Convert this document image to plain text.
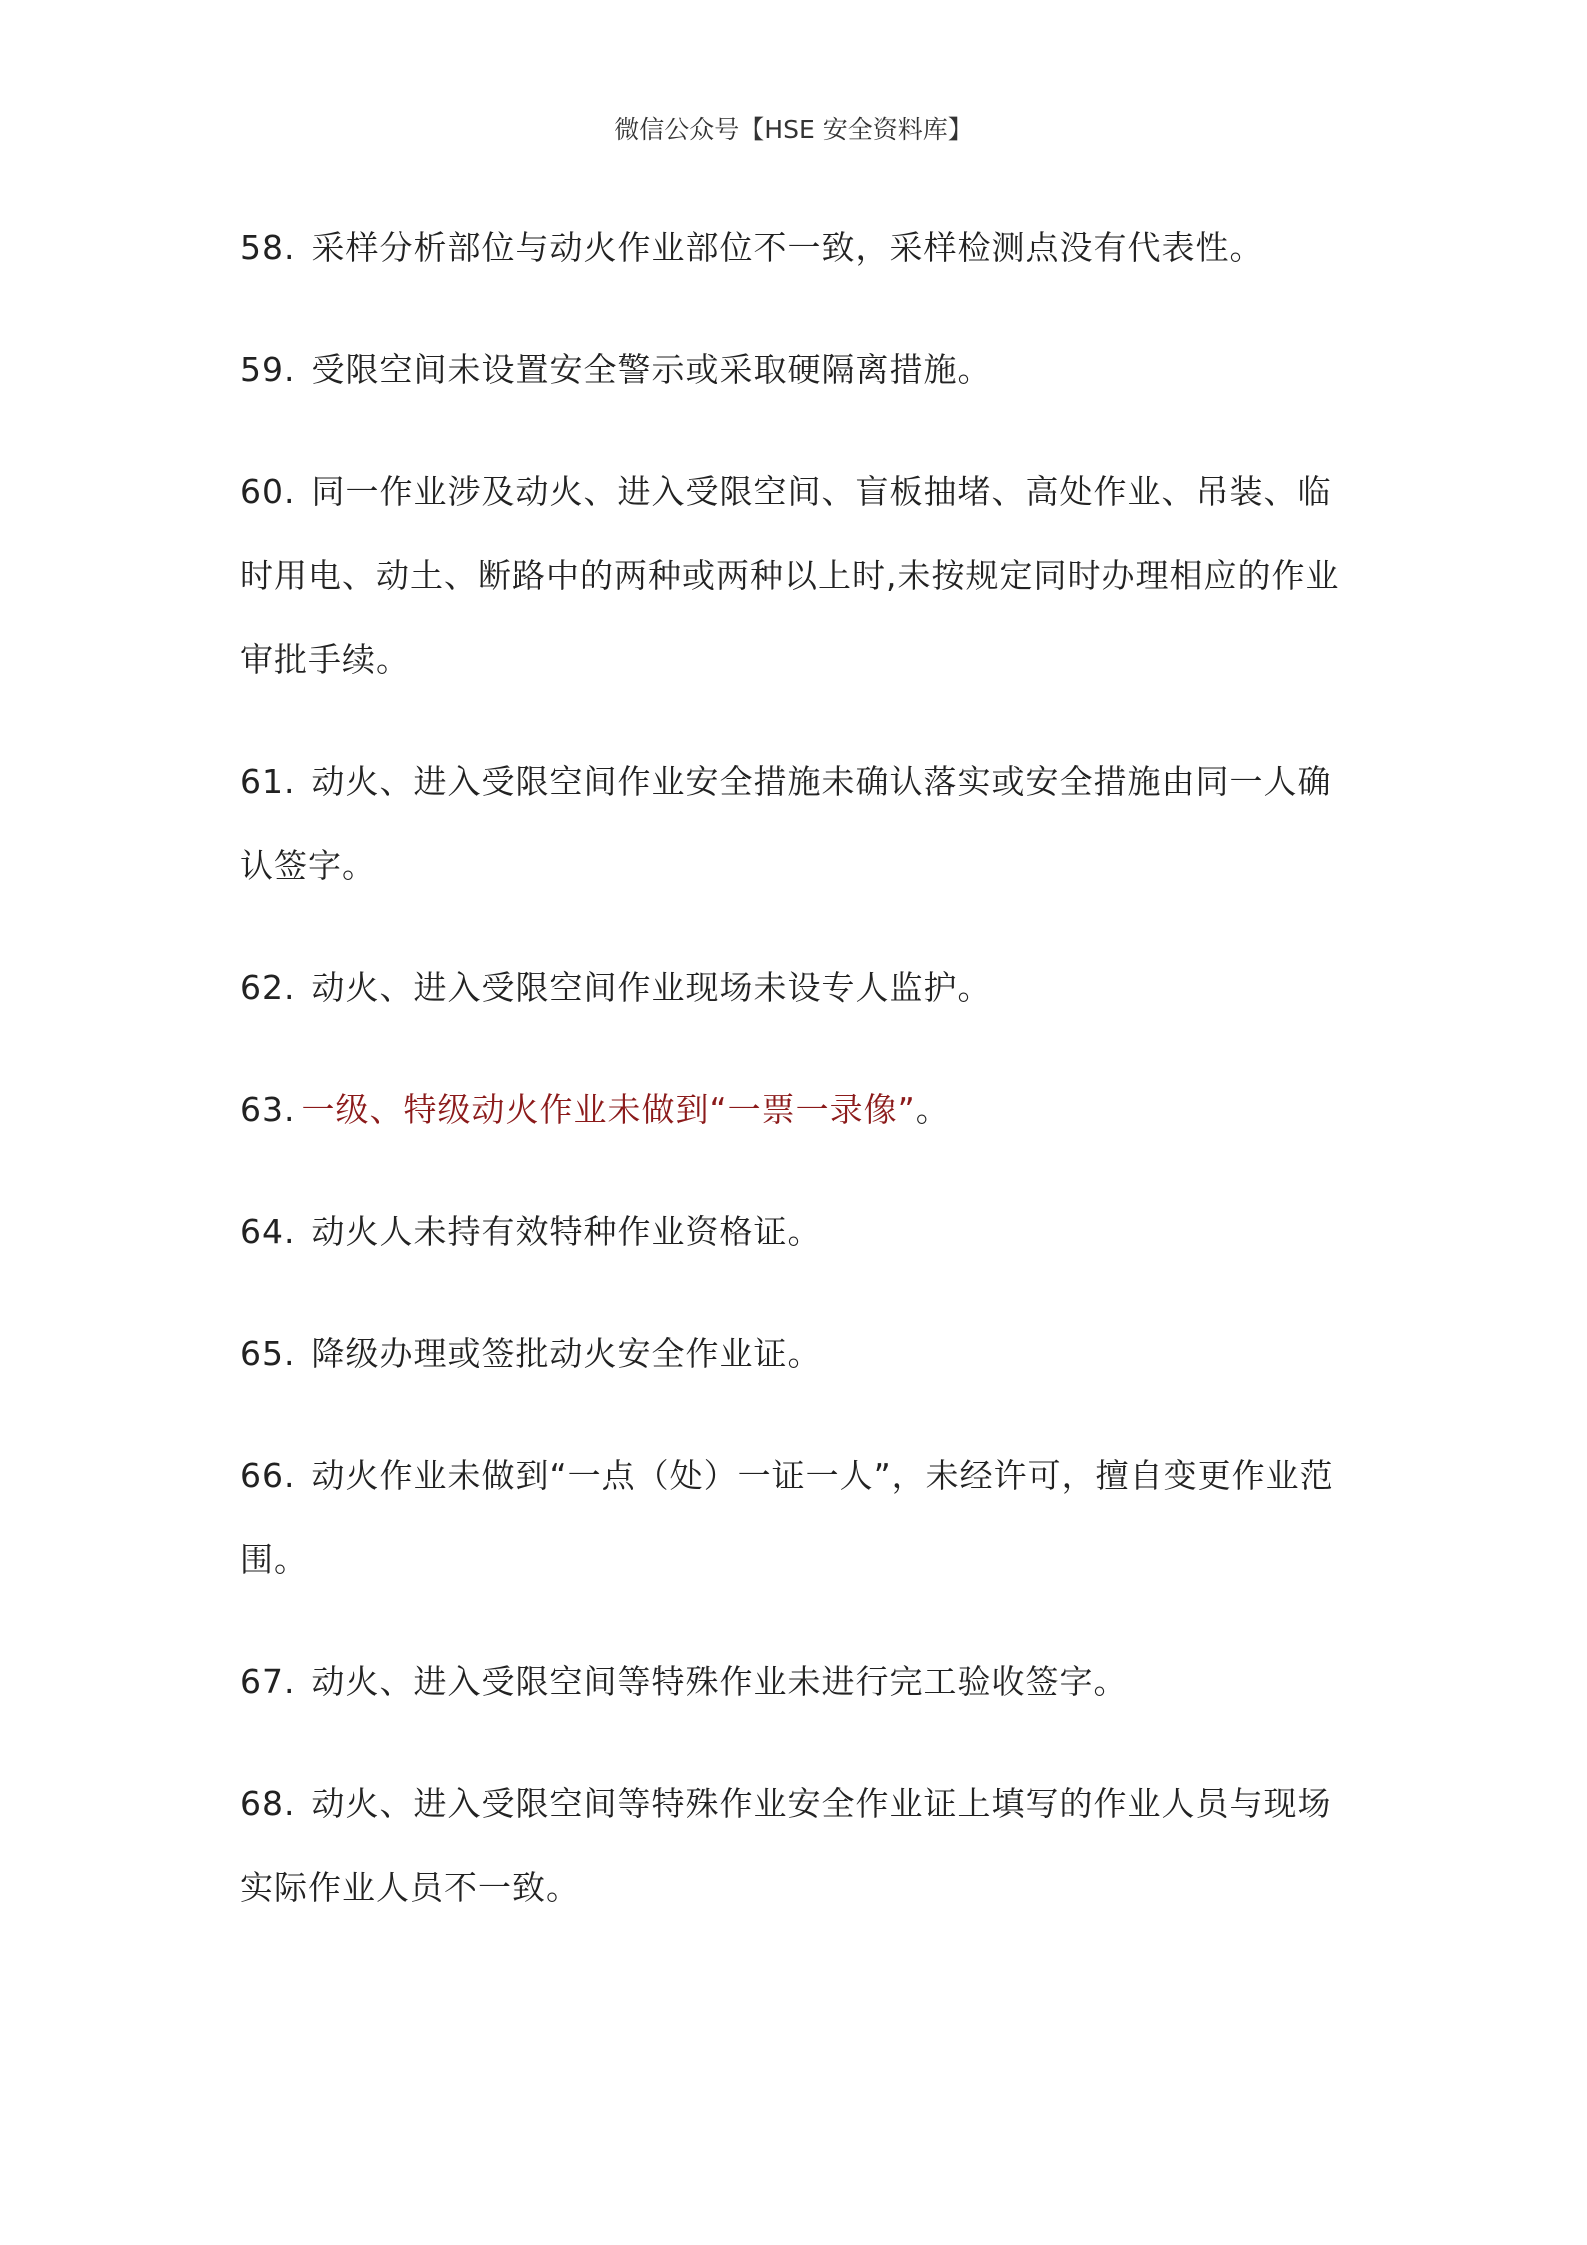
微信公众号【HSE 安全资料库】

58. 采样分析部位与动火作业部位不一致，采样检测点没有代表性。

59. 受限空间未设置安全警示或采取硬隔离措施。

60. 同一作业涉及动火、进入受限空间、盲板抽堵、高处作业、吊装、临时用电、动土、断路中的两种或两种以上时,未按规定同时办理相应的作业审批手续。

61. 动火、进入受限空间作业安全措施未确认落实或安全措施由同一人确认签字。

62. 动火、进入受限空间作业现场未设专人监护。

63. 一级、特级动火作业未做到“一票一录像”。

64. 动火人未持有效特种作业资格证。

65. 降级办理或签批动火安全作业证。

66. 动火作业未做到“一点（处）一证一人”，未经许可，擅自变更作业范围。

67. 动火、进入受限空间等特殊作业未进行完工验收签字。

68. 动火、进入受限空间等特殊作业安全作业证上填写的作业人员与现场实际作业人员不一致。
